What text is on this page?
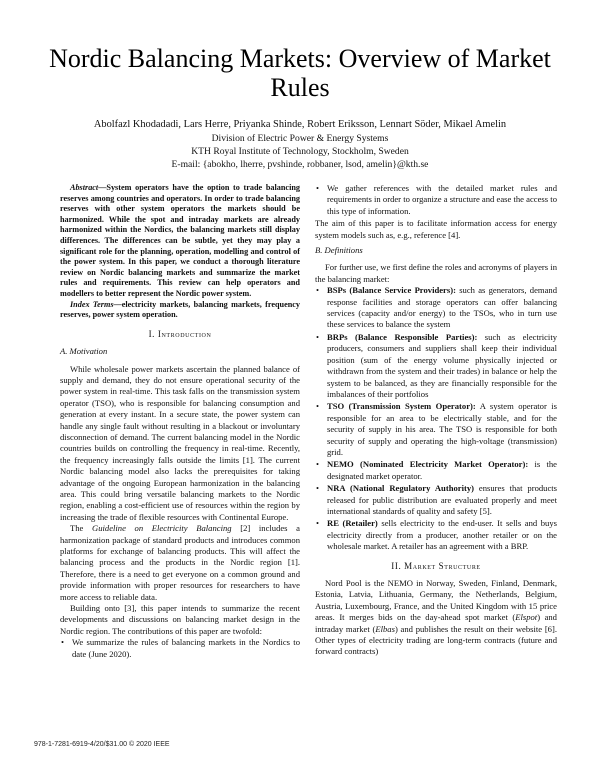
Nordic Balancing Markets: Overview of Market Rules
Abolfazl Khodadadi, Lars Herre, Priyanka Shinde, Robert Eriksson, Lennart Söder, Mikael Amelin
Division of Electric Power & Energy Systems
KTH Royal Institute of Technology, Stockholm, Sweden
E-mail: {abokho, lherre, pvshinde, robbaner, lsod, amelin}@kth.se

Abstract—System operators have the option to trade balancing reserves among countries and operators. In order to trade balancing reserves with other system operators the markets should be harmonized. While the spot and intraday markets are already harmonized within the Nordics, the balancing markets still display differences. The differences can be subtle, yet they may play a significant role for the planning, operation, modelling and control of the power system. In this paper, we conduct a thorough literature review on Nordic balancing markets and summarize the market rules and requirements. This review can help operators and modellers to better represent the Nordic power system.

Index Terms—electricity markets, balancing markets, frequency reserves, power system operation.

I. Introduction
A. Motivation

While wholesale power markets ascertain the planned balance of supply and demand, they do not ensure operational security of the power system in real-time. This task falls on the transmission system operator (TSO), who is responsible for balancing consumption and generation at every instant. In a secure state, the power system can handle any single fault without resulting in a blackout or involuntary disconnection of demand. The current balancing model in the Nordic countries builds on controlling the frequency in real-time. Recently, the frequency increasingly falls outside the limits [1]. The current Nordic balancing model also lacks the prerequisites for taking advantage of the ongoing European harmonization in the balancing area. This could bring versatile balancing markets to the Nordic region, enabling a cost-efficient use of resources within the region by increasing the trade of flexible resources with Continental Europe.

The Guideline on Electricity Balancing [2] includes a harmonization package of standard products and introduces common platforms for exchange of balancing products. This will affect the balancing process and the products in the Nordic region [1]. Therefore, there is a need to get everyone on a common ground and provide information with proper resources for researchers to have more access to reliable data.

Building onto [3], this paper intends to summarize the recent developments and discussions on balancing market design in the Nordic region. The contributions of this paper are twofold:

• We summarize the rules of balancing markets in the Nordics to date (June 2020).
• We gather references with the detailed market rules and requirements in order to organize a structure and ease the access to this type of information.

The aim of this paper is to facilitate information access for energy system models such as, e.g., reference [4].

B. Definitions

For further use, we first define the roles and acronyms of players in the balancing market:

• BSPs (Balance Service Providers): such as generators, demand response facilities and storage operators can offer balancing services (capacity and/or energy) to the TSOs, who in turn use these services to balance the system
• BRPs (Balance Responsible Parties): such as electricity producers, consumers and suppliers shall keep their individual position (sum of the energy volume physically injected or withdrawn from the system and their trades) in balance or help the system to be balanced, as they are financially responsible for the imbalances of their portfolios
• TSO (Transmission System Operator): A system operator is responsible for an area to be electrically stable, and for the security of supply in his area. The TSO is responsible for both security of supply and operating the high-voltage (transmission) grid.
• NEMO (Nominated Electricity Market Operator): is the designated market operator.
• NRA (National Regulatory Authority) ensures that products released for public distribution are evaluated properly and meet international standards of quality and safety [5].
• RE (Retailer) sells electricity to the end-user. It sells and buys electricity directly from a producer, another retailer or on the wholesale market. A retailer has an agreement with a BRP.
II. Market Structure

Nord Pool is the NEMO in Norway, Sweden, Finland, Denmark, Estonia, Latvia, Lithuania, Germany, the Netherlands, Belgium, Austria, Luxembourg, France, and the United Kingdom with 15 price areas. It merges bids on the day-ahead spot market (Elspot) and intraday market (Elbas) and publishes the result on their website [6]. Other types of electricity trading are long-term contracts (future and forward contracts)

978-1-7281-6919-4/20/$31.00 © 2020 IEEE
